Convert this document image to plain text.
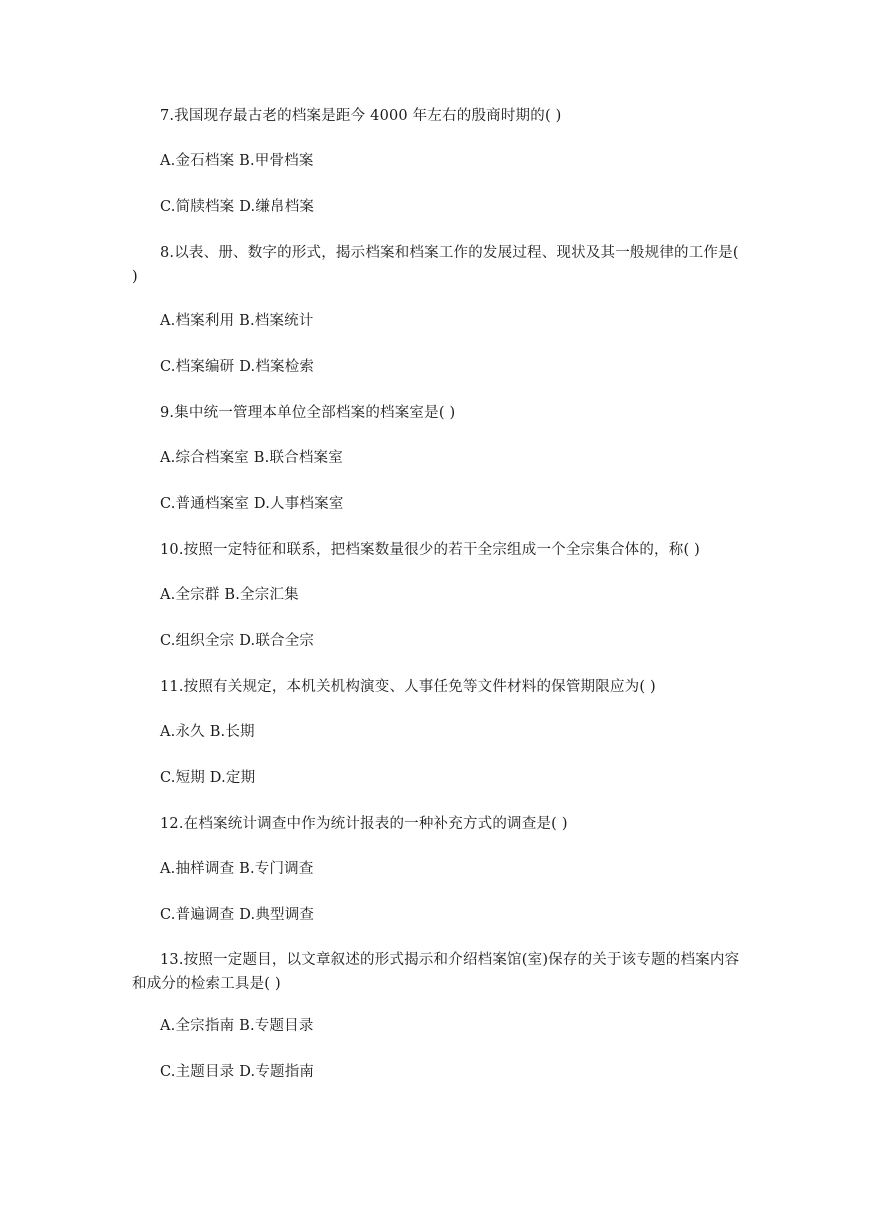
7.我国现存最古老的档案是距今 4000 年左右的殷商时期的( )
A.金石档案 B.甲骨档案
C.简牍档案 D.缣帛档案
8.以表、册、数字的形式，揭示档案和档案工作的发展过程、现状及其一般规律的工作是( )
A.档案利用 B.档案统计
C.档案编研 D.档案检索
9.集中统一管理本单位全部档案的档案室是( )
A.综合档案室 B.联合档案室
C.普通档案室 D.人事档案室
10.按照一定特征和联系，把档案数量很少的若干全宗组成一个全宗集合体的，称( )
A.全宗群 B.全宗汇集
C.组织全宗 D.联合全宗
11.按照有关规定，本机关机构演变、人事任免等文件材料的保管期限应为( )
A.永久 B.长期
C.短期 D.定期
12.在档案统计调查中作为统计报表的一种补充方式的调查是( )
A.抽样调查 B.专门调查
C.普遍调查 D.典型调查
13.按照一定题目，以文章叙述的形式揭示和介绍档案馆(室)保存的关于该专题的档案内容和成分的检索工具是( )
A.全宗指南 B.专题目录
C.主题目录 D.专题指南
